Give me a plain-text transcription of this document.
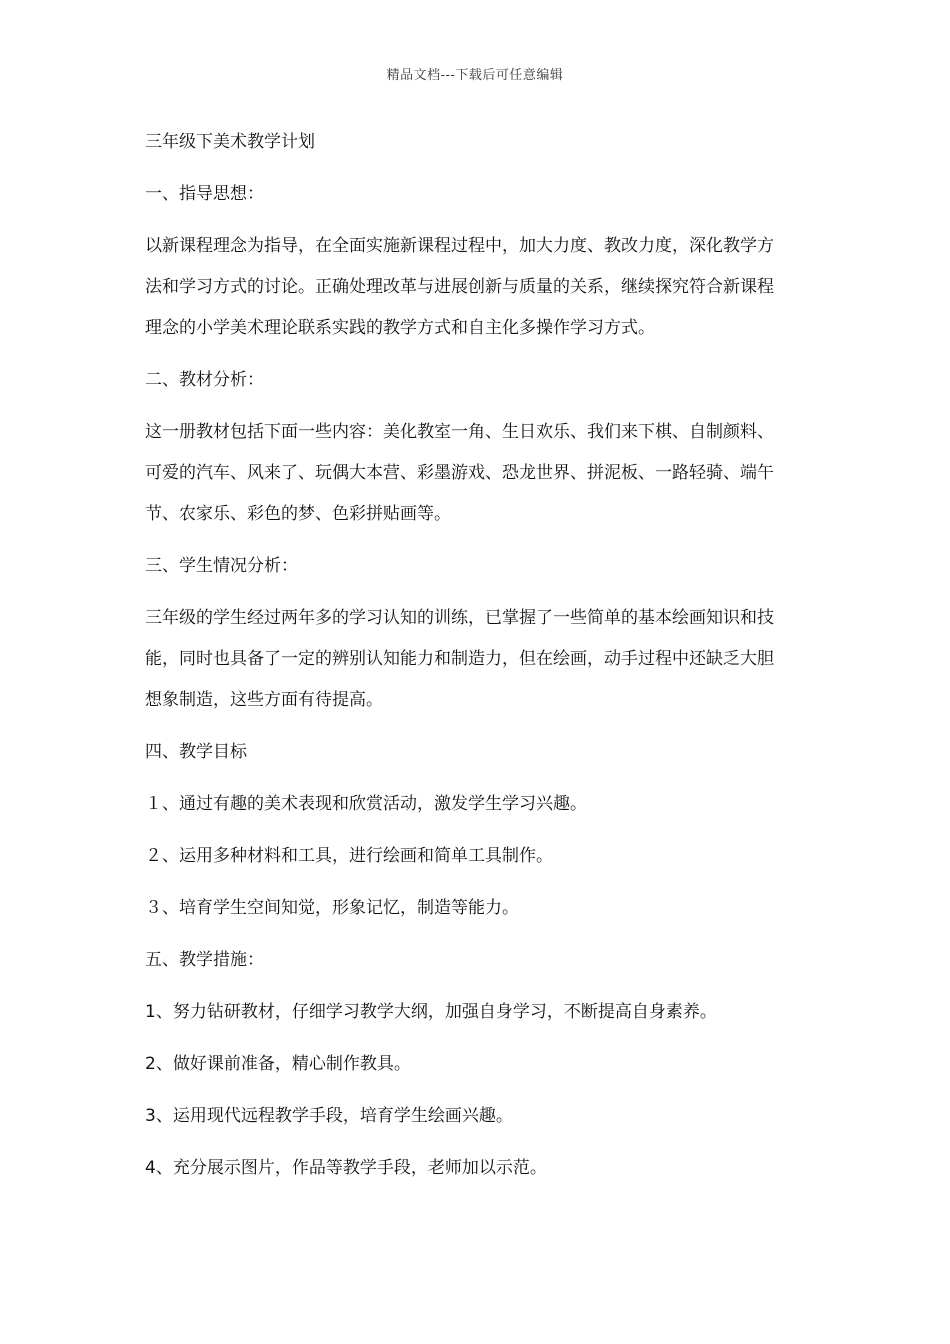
精品文档---下载后可任意编辑

三年级下美术教学计划

一、指导思想：

以新课程理念为指导，在全面实施新课程过程中，加大力度、教改力度，深化教学方

法和学习方式的讨论。正确处理改革与进展创新与质量的关系，继续探究符合新课程

理念的小学美术理论联系实践的教学方式和自主化多操作学习方式。

二、教材分析：

这一册教材包括下面一些内容：美化教室一角、生日欢乐、我们来下棋、自制颜料、

可爱的汽车、风来了、玩偶大本营、彩墨游戏、恐龙世界、拼泥板、一路轻骑、端午

节、农家乐、彩色的梦、色彩拼贴画等。

三、学生情况分析：

三年级的学生经过两年多的学习认知的训练，已掌握了一些简单的基本绘画知识和技

能，同时也具备了一定的辨别认知能力和制造力，但在绘画，动手过程中还缺乏大胆

想象制造，这些方面有待提高。

四、教学目标

１、通过有趣的美术表现和欣赏活动，激发学生学习兴趣。

２、运用多种材料和工具，进行绘画和简单工具制作。

３、培育学生空间知觉，形象记忆，制造等能力。

五、教学措施：

1、努力钻研教材，仔细学习教学大纲，加强自身学习，不断提高自身素养。

2、做好课前准备，精心制作教具。

3、运用现代远程教学手段，培育学生绘画兴趣。

4、充分展示图片，作品等教学手段，老师加以示范。
